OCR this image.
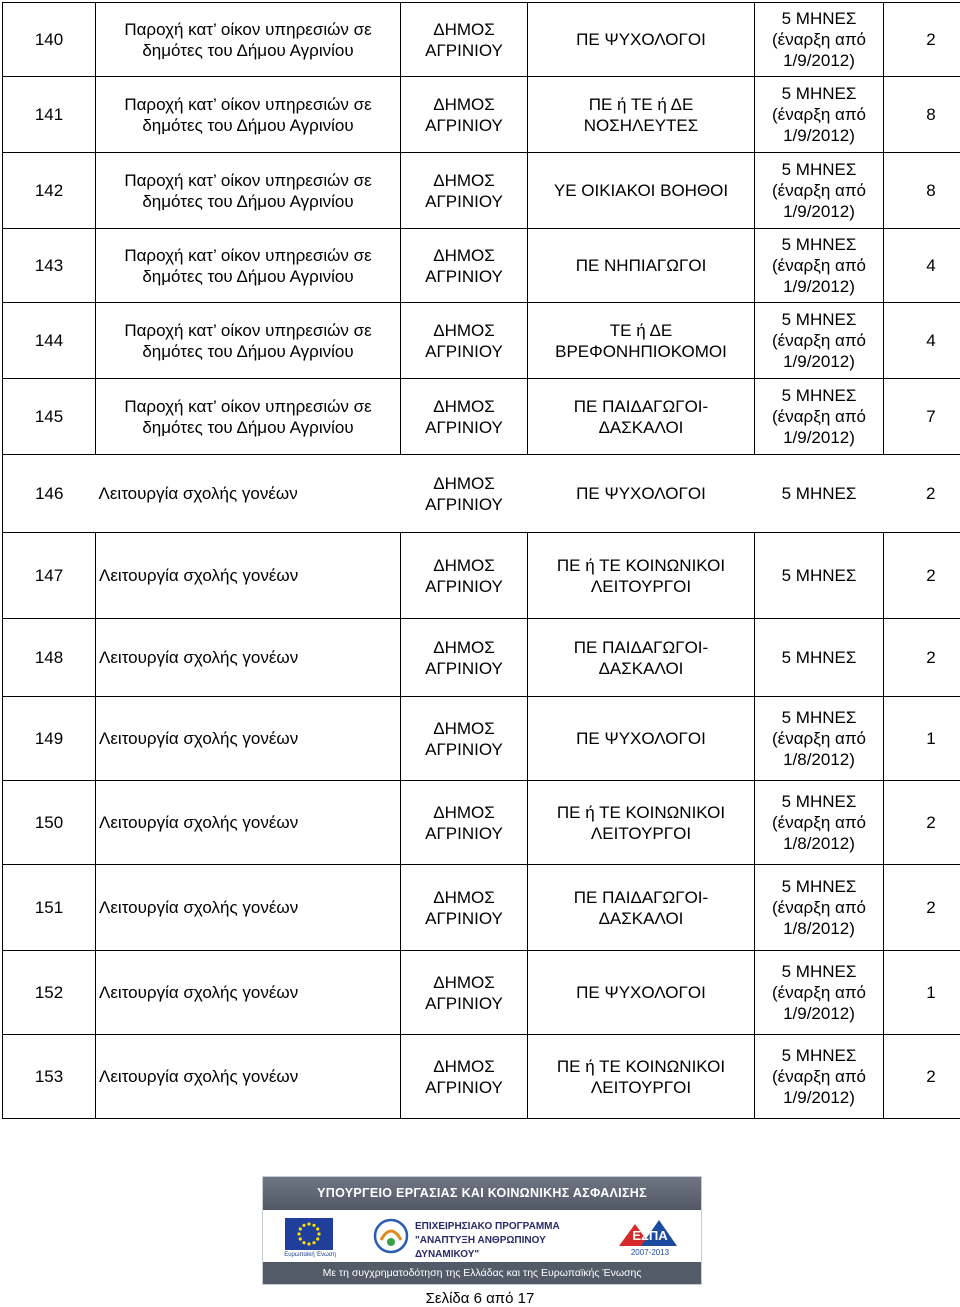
140	Παροχή κατ’ οίκον υπηρεσιών σε
δημότες του Δήμου Αγρινίου	ΔΗΜΟΣ
ΑΓΡΙΝΙΟΥ	ΠΕ ΨΥΧΟΛΟΓΟΙ	5 ΜΗΝΕΣ
(έναρξη από
1/9/2012)	2
141	Παροχή κατ’ οίκον υπηρεσιών σε
δημότες του Δήμου Αγρινίου	ΔΗΜΟΣ
ΑΓΡΙΝΙΟΥ	ΠΕ ή ΤΕ ή ΔΕ
ΝΟΣΗΛΕΥΤΕΣ	5 ΜΗΝΕΣ
(έναρξη από
1/9/2012)	8
142	Παροχή κατ’ οίκον υπηρεσιών σε
δημότες του Δήμου Αγρινίου	ΔΗΜΟΣ
ΑΓΡΙΝΙΟΥ	ΥΕ ΟΙΚΙΑΚΟΙ ΒΟΗΘΟΙ	5 ΜΗΝΕΣ
(έναρξη από
1/9/2012)	8
143	Παροχή κατ’ οίκον υπηρεσιών σε
δημότες του Δήμου Αγρινίου	ΔΗΜΟΣ
ΑΓΡΙΝΙΟΥ	ΠΕ ΝΗΠΙΑΓΩΓΟΙ	5 ΜΗΝΕΣ
(έναρξη από
1/9/2012)	4
144	Παροχή κατ’ οίκον υπηρεσιών σε
δημότες του Δήμου Αγρινίου	ΔΗΜΟΣ
ΑΓΡΙΝΙΟΥ	ΤΕ ή ΔΕ
ΒΡΕΦΟΝΗΠΙΟΚΟΜΟΙ	5 ΜΗΝΕΣ
(έναρξη από
1/9/2012)	4
145	Παροχή κατ’ οίκον υπηρεσιών σε
δημότες του Δήμου Αγρινίου	ΔΗΜΟΣ
ΑΓΡΙΝΙΟΥ	ΠΕ ΠΑΙΔΑΓΩΓΟΙ-
ΔΑΣΚΑΛΟΙ	5 ΜΗΝΕΣ
(έναρξη από
1/9/2012)	7
146	Λειτουργία σχολής γονέων	ΔΗΜΟΣ
ΑΓΡΙΝΙΟΥ	ΠΕ ΨΥΧΟΛΟΓΟΙ	5 ΜΗΝΕΣ	2
147	Λειτουργία σχολής γονέων	ΔΗΜΟΣ
ΑΓΡΙΝΙΟΥ	ΠΕ ή ΤΕ ΚΟΙΝΩΝΙΚΟΙ
ΛΕΙΤΟΥΡΓΟΙ	5 ΜΗΝΕΣ	2
148	Λειτουργία σχολής γονέων	ΔΗΜΟΣ
ΑΓΡΙΝΙΟΥ	ΠΕ ΠΑΙΔΑΓΩΓΟΙ-
ΔΑΣΚΑΛΟΙ	5 ΜΗΝΕΣ	2
149	Λειτουργία σχολής γονέων	ΔΗΜΟΣ
ΑΓΡΙΝΙΟΥ	ΠΕ ΨΥΧΟΛΟΓΟΙ	5 ΜΗΝΕΣ
(έναρξη από
1/8/2012)	1
150	Λειτουργία σχολής γονέων	ΔΗΜΟΣ
ΑΓΡΙΝΙΟΥ	ΠΕ ή ΤΕ ΚΟΙΝΩΝΙΚΟΙ
ΛΕΙΤΟΥΡΓΟΙ	5 ΜΗΝΕΣ
(έναρξη από
1/8/2012)	2
151	Λειτουργία σχολής γονέων	ΔΗΜΟΣ
ΑΓΡΙΝΙΟΥ	ΠΕ ΠΑΙΔΑΓΩΓΟΙ-
ΔΑΣΚΑΛΟΙ	5 ΜΗΝΕΣ
(έναρξη από
1/8/2012)	2
152	Λειτουργία σχολής γονέων	ΔΗΜΟΣ
ΑΓΡΙΝΙΟΥ	ΠΕ ΨΥΧΟΛΟΓΟΙ	5 ΜΗΝΕΣ
(έναρξη από
1/9/2012)	1
153	Λειτουργία σχολής γονέων	ΔΗΜΟΣ
ΑΓΡΙΝΙΟΥ	ΠΕ ή ΤΕ ΚΟΙΝΩΝΙΚΟΙ
ΛΕΙΤΟΥΡΓΟΙ	5 ΜΗΝΕΣ
(έναρξη από
1/9/2012)	2
ΥΠΟΥΡΓΕΙΟ ΕΡΓΑΣΙΑΣ ΚΑΙ ΚΟΙΝΩΝΙΚΗΣ ΑΣΦΑΛΙΣΗΣ
Ευρωπαϊκή Ένωση
ΕΠΙΧΕΙΡΗΣΙΑΚΟ ΠΡΟΓΡΑΜΜΑ
"ΑΝΑΠΤΥΞΗ ΑΝΘΡΩΠΙΝΟΥ ΔΥΝΑΜΙΚΟΥ"
ΕΣΠΑ
2007-2013
Με τη συγχρηματοδότηση της Ελλάδας και της Ευρωπαϊκής Ένωσης
Σελίδα 6 από 17
